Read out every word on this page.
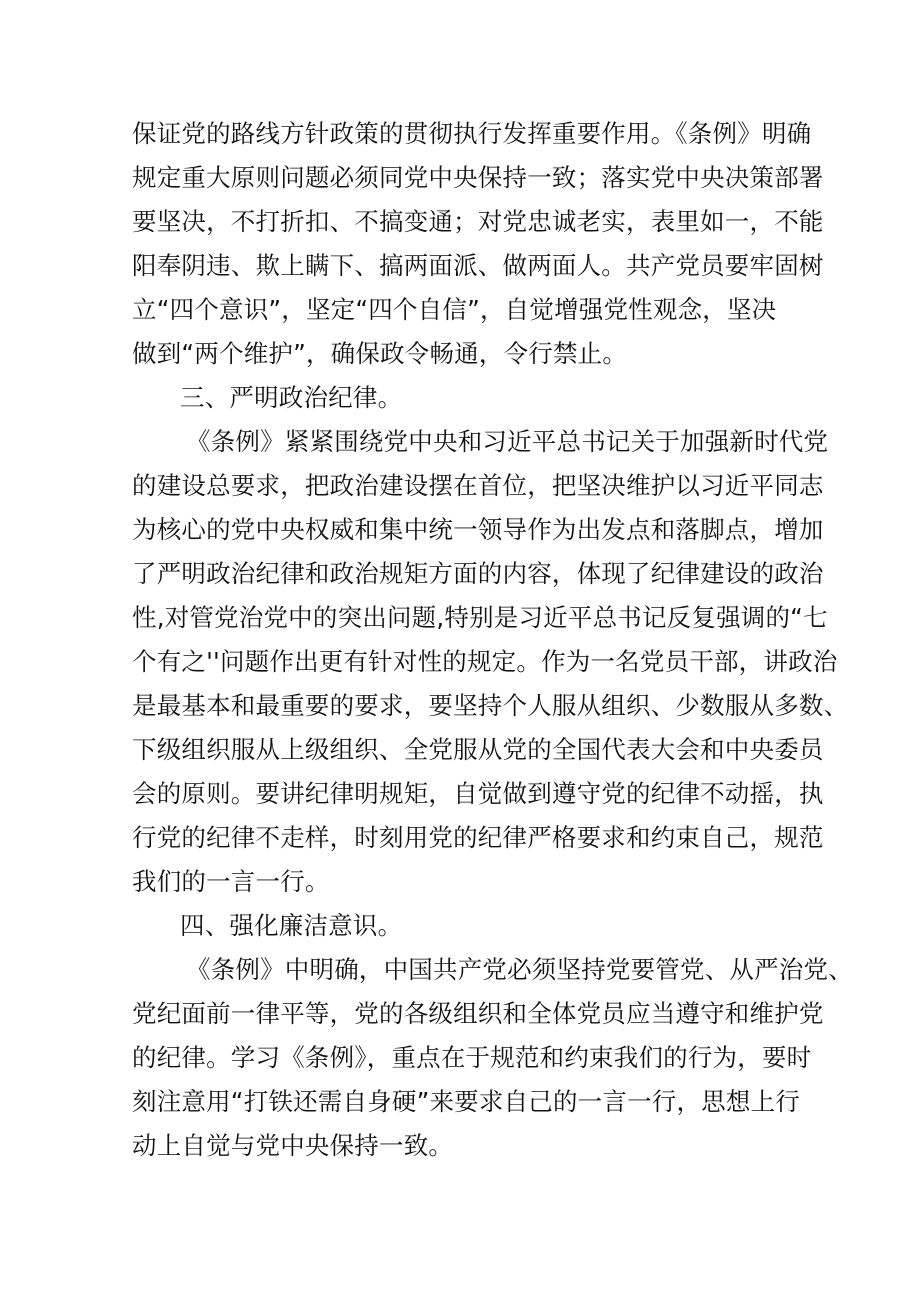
保证党的路线方针政策的贯彻执行发挥重要作用。《条例》明确
规定重大原则问题必须同党中央保持一致；落实党中央决策部署
要坚决，不打折扣、不搞变通；对党忠诚老实，表里如一，不能
阳奉阴违、欺上瞒下、搞两面派、做两面人。共产党员要牢固树
立“四个意识”，坚定“四个自信”，自觉增强党性观念，坚决
做到“两个维护”，确保政令畅通，令行禁止。
三、严明政治纪律。
《条例》紧紧围绕党中央和习近平总书记关于加强新时代党
的建设总要求，把政治建设摆在首位，把坚决维护以习近平同志
为核心的党中央权威和集中统一领导作为出发点和落脚点，增加
了严明政治纪律和政治规矩方面的内容，体现了纪律建设的政治
性,对管党治党中的突出问题,特别是习近平总书记反复强调的“七
个有之''问题作出更有针对性的规定。作为一名党员干部，讲政治
是最基本和最重要的要求，要坚持个人服从组织、少数服从多数、
下级组织服从上级组织、全党服从党的全国代表大会和中央委员
会的原则。要讲纪律明规矩，自觉做到遵守党的纪律不动摇，执
行党的纪律不走样，时刻用党的纪律严格要求和约束自己，规范
我们的一言一行。
四、强化廉洁意识。
《条例》中明确，中国共产党必须坚持党要管党、从严治党、
党纪面前一律平等，党的各级组织和全体党员应当遵守和维护党
的纪律。学习《条例》，重点在于规范和约束我们的行为，要时
刻注意用“打铁还需自身硬”来要求自己的一言一行，思想上行
动上自觉与党中央保持一致。
